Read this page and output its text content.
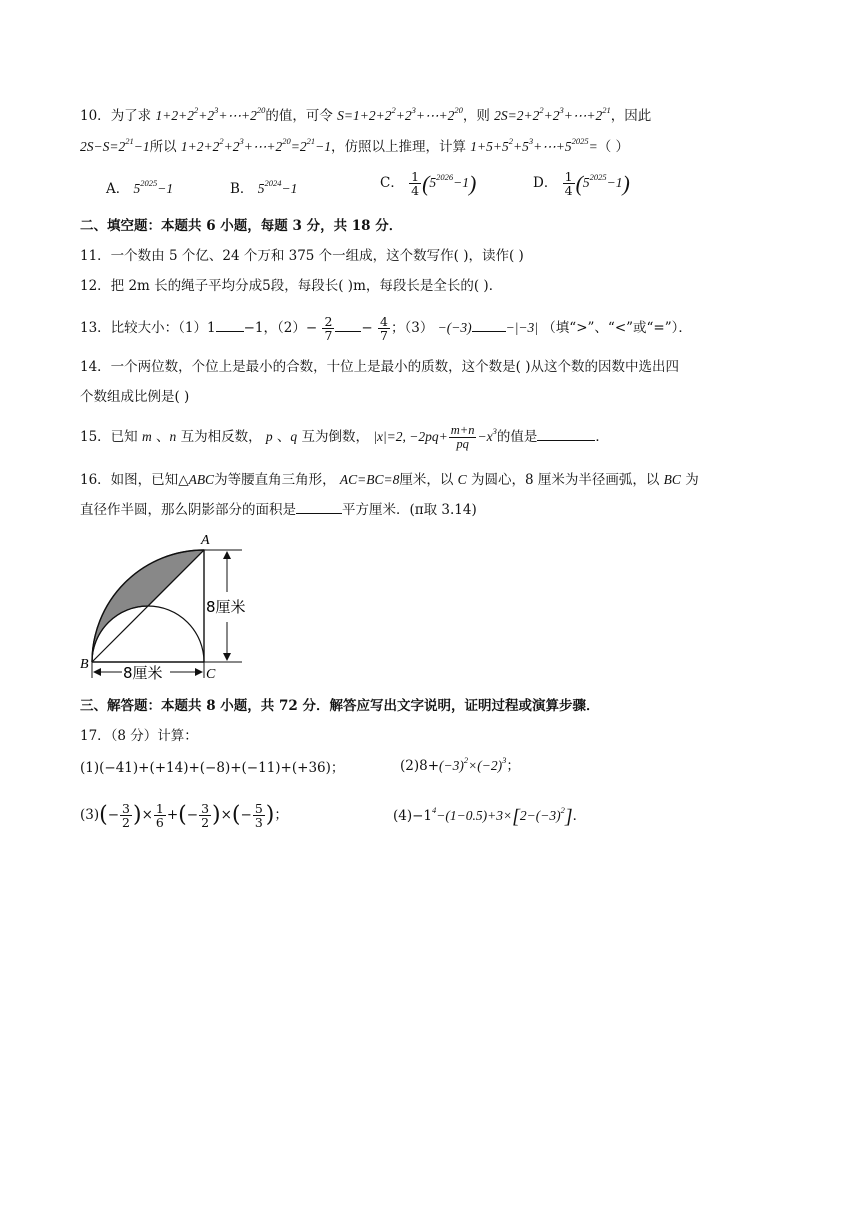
10．为了求 $1+2+2^2+2^3+\cdots+2^{20}$的值，可令 $S=1+2+2^2+2^3+\cdots+2^{20}$，则 $2S=2+2^2+2^3+\cdots+2^{21}$，因此
$2S-S=2^{21}-1$所以 $1+2+2^2+2^3+\cdots+2^{20}=2^{21}-1$，仿照以上推理，计算 $1+5+5^2+5^3+\cdots+5^{2025}=$（ ）
A． $5^{2025}-1$	B． $5^{2024}-1$	C． $\frac{1}{4} (5^{2026}-1)$	D． $\frac{1}{4} (5^{2025}-1)$
二、填空题：本题共 6 小题，每题 3 分，共 18 分．
11．一个数由 5 个亿、24 个万和 375 个一组成，这个数写作( )，读作( )
12．把 2m 长的绳子平均分成5段，每段长( )m，每段长是全长的( )．
13．比较大小：（1）1 −1，$(2)- \frac{2}{7} - \frac{4}{7}$ ；（3） −(−3)	−|−3| （填“>”、“<”或“=”）．
14．一个两位数，个位上是最小的合数，十位上是最小的质数，这个数是( )从这个数的因数中选出四
个数组成比例是( )
15．已知 m 、n 互为相反数， p 、q 互为倒数， |x|=2, $-2pq+ \frac{m+n}{pq} -x^3$的值是	．
16．如图，已知△ABC为等腰直角三角形， AC=BC=8厘米，以 C 为圆心，8 厘米为半径画弧，以 BC 为
直径作半圆，那么阴影部分的面积是	平方厘米．(π取 3.14)
A
B
C
8厘米
8厘米
三、解答题：本题共 8 小题，共 72 分．解答应写出文字说明，证明过程或演算步骤．
17．（8 分）计算：
(1)(−41)+(+14)+(−8)+(−11)+(+36)；	$(2)8+(-3)^2\times(-2)^3$；
$(3)(- \frac{3}{2}$ )× $\frac{1}{6}$ +(− $\frac{3}{2}$ )×(− $\frac{5}{3}$ )；	$(4)-1^4-(1-0.5)+3\times[2-(-3)^2]$．
